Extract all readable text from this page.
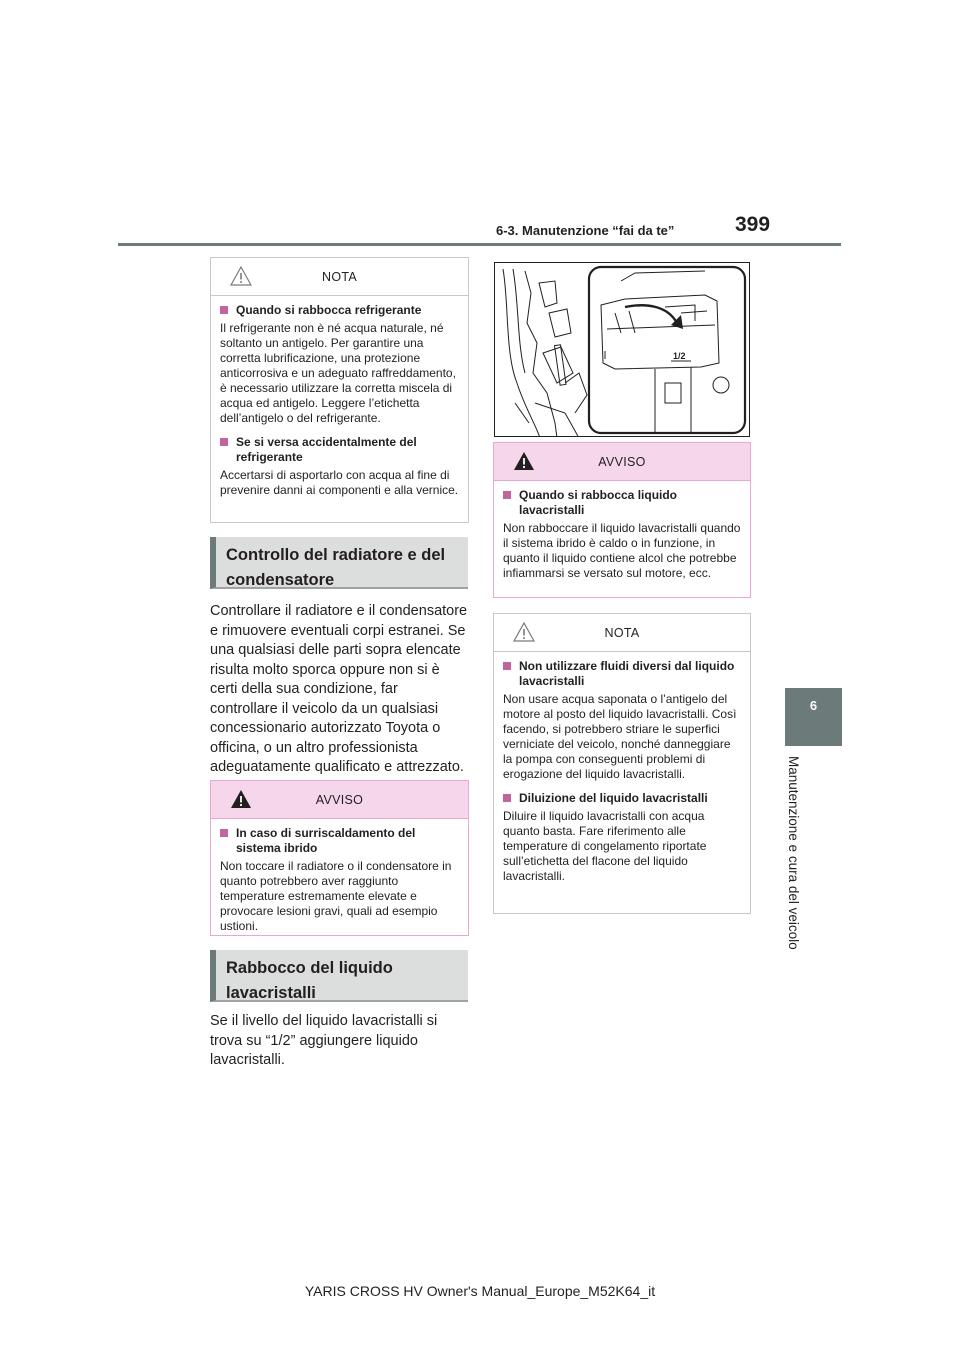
6-3. Manutenzione “fai da te”	399
6
Manutenzione e cura del veicolo
NOTA
Quando si rabbocca refrigerante
Il refrigerante non è né acqua naturale, né soltanto un antigelo. Per garantire una corretta lubrificazione, una protezione anticorrosiva e un adeguato raffreddamento, è necessario utilizzare la corretta miscela di acqua ed antigelo. Leggere l’etichetta dell’antigelo o del refrigerante.
Se si versa accidentalmente del refrigerante
Accertarsi di asportarlo con acqua al fine di prevenire danni ai componenti e alla vernice.
Controllo del radiatore e del condensatore
Controllare il radiatore e il condensatore e rimuovere eventuali corpi estranei. Se una qualsiasi delle parti sopra elencate risulta molto sporca oppure non si è certi della sua condizione, far controllare il veicolo da un qualsiasi concessionario autorizzato Toyota o officina, o un altro professionista adeguatamente qualificato e attrezzato.
AVVISO
In caso di surriscaldamento del sistema ibrido
Non toccare il radiatore o il condensatore in quanto potrebbero aver raggiunto temperature estremamente elevate e provocare lesioni gravi, quali ad esempio ustioni.
Rabbocco del liquido lavacristalli
Se il livello del liquido lavacristalli si trova su “1/2” aggiungere liquido lavacristalli.
1/2
AVVISO
Quando si rabbocca liquido lavacristalli
Non rabboccare il liquido lavacristalli quando il sistema ibrido è caldo o in funzione, in quanto il liquido contiene alcol che potrebbe infiammarsi se versato sul motore, ecc.
NOTA
Non utilizzare fluidi diversi dal liquido lavacristalli
Non usare acqua saponata o l’antigelo del motore al posto del liquido lavacristalli. Così facendo, si potrebbero striare le superfici verniciate del veicolo, nonché danneggiare la pompa con conseguenti problemi di erogazione del liquido lavacristalli.
Diluizione del liquido lavacristalli
Diluire il liquido lavacristalli con acqua quanto basta. Fare riferimento alle temperature di congelamento riportate sull’etichetta del flacone del liquido lavacristalli.
YARIS CROSS HV Owner's Manual_Europe_M52K64_it
